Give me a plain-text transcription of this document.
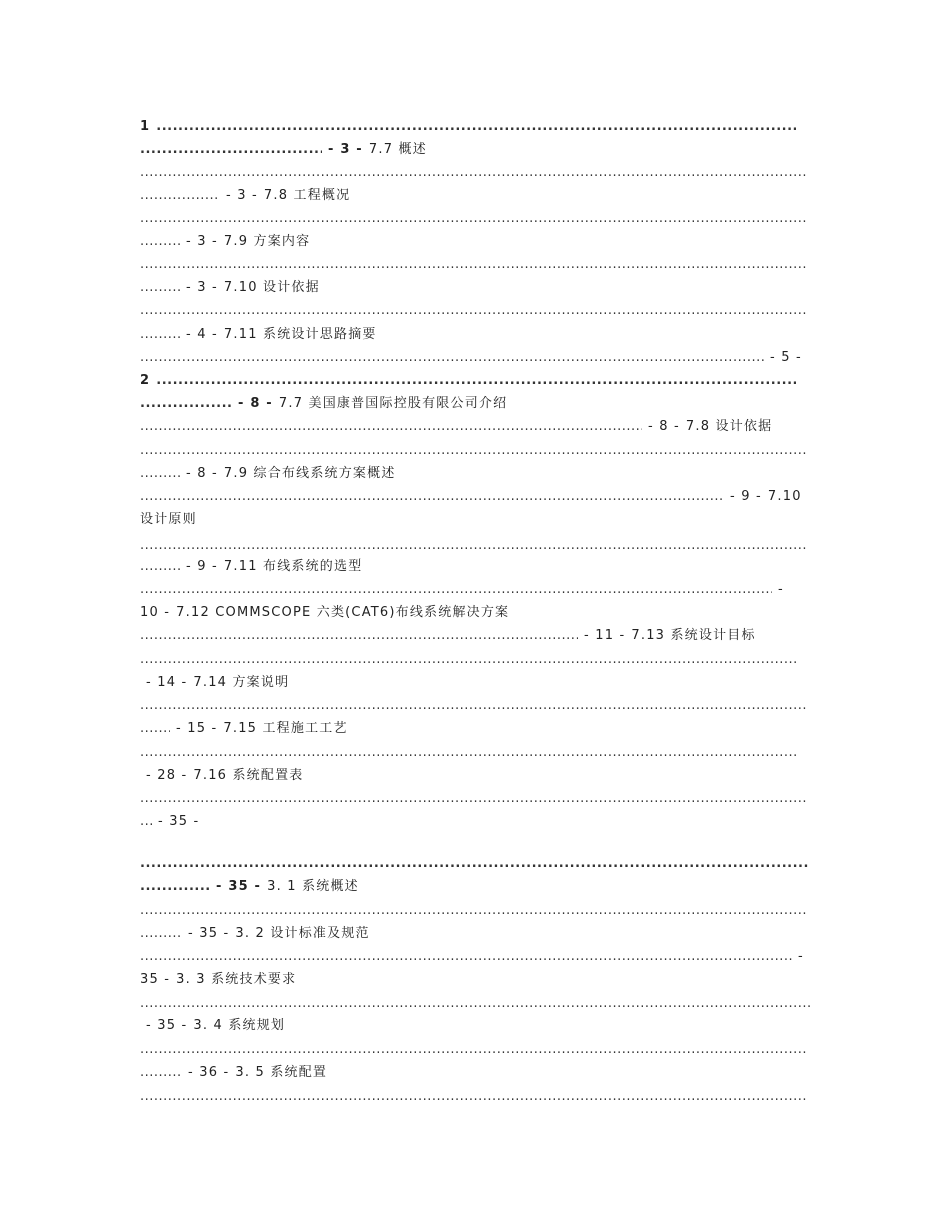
1.....
.....- 3 - 7.7 概述
.....
.....- 3 - 7.8 工程概况
.....
.....- 3 - 7.9 方案内容
.....
.....- 3 - 7.10 设计依据
.....
.....- 4 - 7.11 系统设计思路摘要
.....- 5 -
2.....
.....- 8 - 7.7 美国康普国际控股有限公司介绍
.....- 8 - 7.8 设计依据
.....
.....- 8 - 7.9 综合布线系统方案概述
.....- 9 - 7.10
设计原则
.....
.....- 9 - 7.11 布线系统的选型
.....-
10 - 7.12 COMMSCOPE 六类(CAT6)布线系统解决方案
.....- 11 - 7.13 系统设计目标
.....
- 14 - 7.14 方案说明
.....
.....- 15 - 7.15 工程施工工艺
.....
- 28 - 7.16 系统配置表
.....
.....- 35 -
.....
.....- 35 - 3. 1 系统概述
.....
.....- 35 - 3. 2 设计标准及规范
.....-
35 - 3. 3 系统技术要求
.....
- 35 - 3. 4 系统规划
.....
.....- 36 - 3. 5 系统配置
.....
